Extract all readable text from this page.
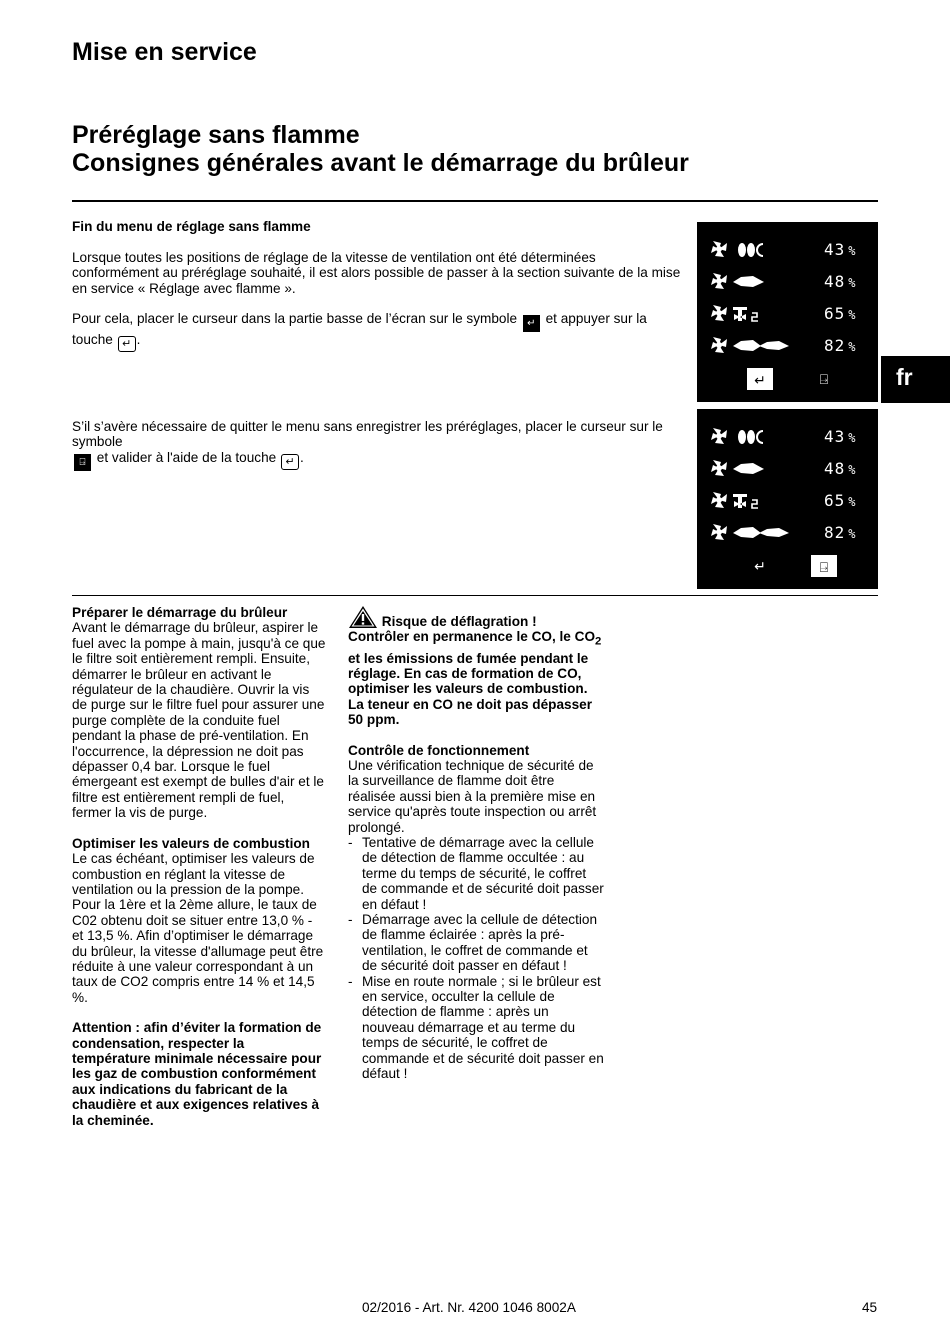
Mise en service
Préréglage sans flamme
Consignes générales avant le démarrage du brûleur
Fin du menu de réglage sans flamme
Lorsque toutes les positions de réglage de la vitesse de ventilation ont été déterminées conformément au préréglage souhaité, il est alors possible de passer à la section suivante de la mise en service « Réglage avec flamme ».
Pour cela, placer le curseur dans la partie basse de l’écran sur le symbole ↵ et appuyer sur la touche ↵ .
S’il s’avère nécessaire de quitter le menu sans enregistrer les préréglages, placer le curseur sur le symbole
⍈ et valider à l'aide de la touche ↵ .
43 %
48 %
65 %
82 %
↵	⍈
43 %
48 %
65 %
82 %
↵	⍈
fr
Préparer le démarrage du brûleur

Avant le démarrage du brûleur, aspirer le fuel avec la pompe à main, jusqu'à ce que le filtre soit entièrement rempli. Ensuite, démarrer le brûleur en activant le régulateur de la chaudière. Ouvrir la vis de purge sur le filtre fuel pour assurer une purge complète de la conduite fuel pendant la phase de pré-ventilation. En l'occurrence, la dépression ne doit pas dépasser 0,4 bar. Lorsque le fuel émergeant est exempt de bulles d'air et le filtre est entièrement rempli de fuel, fermer la vis de purge.

Optimiser les valeurs de combustion

Le cas échéant, optimiser les valeurs de combustion en réglant la vitesse de ventilation ou la pression de la pompe. Pour la 1ère et la 2ème allure, le taux de C02 obtenu doit se situer entre 13,0 % - et 13,5 %. Afin d’optimiser le démarrage du brûleur, la vitesse d'allumage peut être réduite à une valeur correspondant à un taux de CO2 compris entre 14 % et 14,5 %.

Attention : afin d’éviter la formation de condensation, respecter la température minimale nécessaire pour les gaz de combustion conformément aux indications du fabricant de la chaudière et aux exigences relatives à la cheminée.

Risque de déflagration !
Contrôler en permanence le CO, le $CO_2$ et les émissions de fumée pendant le réglage. En cas de formation de CO, optimiser les valeurs de combustion. La teneur en CO ne doit pas dépasser 50 ppm.
Contrôle de fonctionnement
Une vérification technique de sécurité de la surveillance de flamme doit être réalisée aussi bien à la première mise en service qu'après toute inspection ou arrêt prolongé.
- Tentative de démarrage avec la cellule de détection de flamme occultée : au terme du temps de sécurité, le coffret de commande et de sécurité doit passer en défaut !
- Démarrage avec la cellule de détection de flamme éclairée : après la pré-ventilation, le coffret de commande et de sécurité doit passer en défaut !
- Mise en route normale ; si le brûleur est en service, occulter la cellule de détection de flamme : après un nouveau démarrage et au terme du temps de sécurité, le coffret de commande et de sécurité doit passer en défaut !
02/2016 - Art. Nr. 4200 1046 8002A	45
